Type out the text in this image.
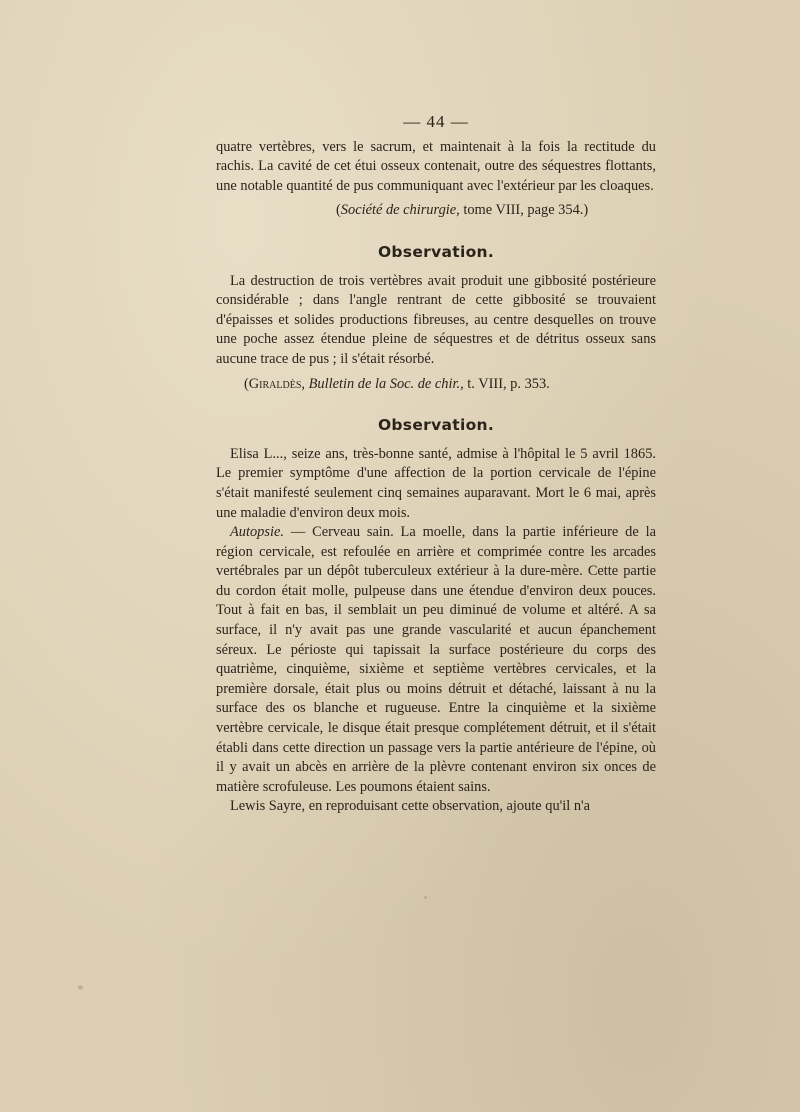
— 44 —

quatre vertèbres, vers le sacrum, et maintenait à la fois la rectitude du rachis. La cavité de cet étui osseux contenait, outre des séquestres flottants, une notable quantité de pus communiquant avec l'extérieur par les cloaques.

(Société de chirurgie, tome VIII, page 354.)

Observation.

La destruction de trois vertèbres avait produit une gibbosité postérieure considérable ; dans l'angle rentrant de cette gibbosité se trouvaient d'épaisses et solides productions fibreuses, au centre desquelles on trouve une poche assez étendue pleine de séquestres et de détritus osseux sans aucune trace de pus ; il s'était résorbé.

(Giraldès, Bulletin de la Soc. de chir., t. VIII, p. 353.

Observation.

Elisa L..., seize ans, très-bonne santé, admise à l'hôpital le 5 avril 1865. Le premier symptôme d'une affection de la portion cervicale de l'épine s'était manifesté seulement cinq semaines auparavant. Mort le 6 mai, après une maladie d'environ deux mois.

Autopsie. — Cerveau sain. La moelle, dans la partie inférieure de la région cervicale, est refoulée en arrière et comprimée contre les arcades vertébrales par un dépôt tuberculeux extérieur à la dure-mère. Cette partie du cordon était molle, pulpeuse dans une étendue d'environ deux pouces. Tout à fait en bas, il semblait un peu diminué de volume et altéré. A sa surface, il n'y avait pas une grande vascularité et aucun épanchement séreux. Le périoste qui tapissait la surface postérieure du corps des quatrième, cinquième, sixième et septième vertèbres cervicales, et la première dorsale, était plus ou moins détruit et détaché, laissant à nu la surface des os blanche et rugueuse. Entre la cinquième et la sixième vertèbre cervicale, le disque était presque complétement détruit, et il s'était établi dans cette direction un passage vers la partie antérieure de l'épine, où il y avait un abcès en arrière de la plèvre contenant environ six onces de matière scrofuleuse. Les poumons étaient sains.

Lewis Sayre, en reproduisant cette observation, ajoute qu'il n'a
